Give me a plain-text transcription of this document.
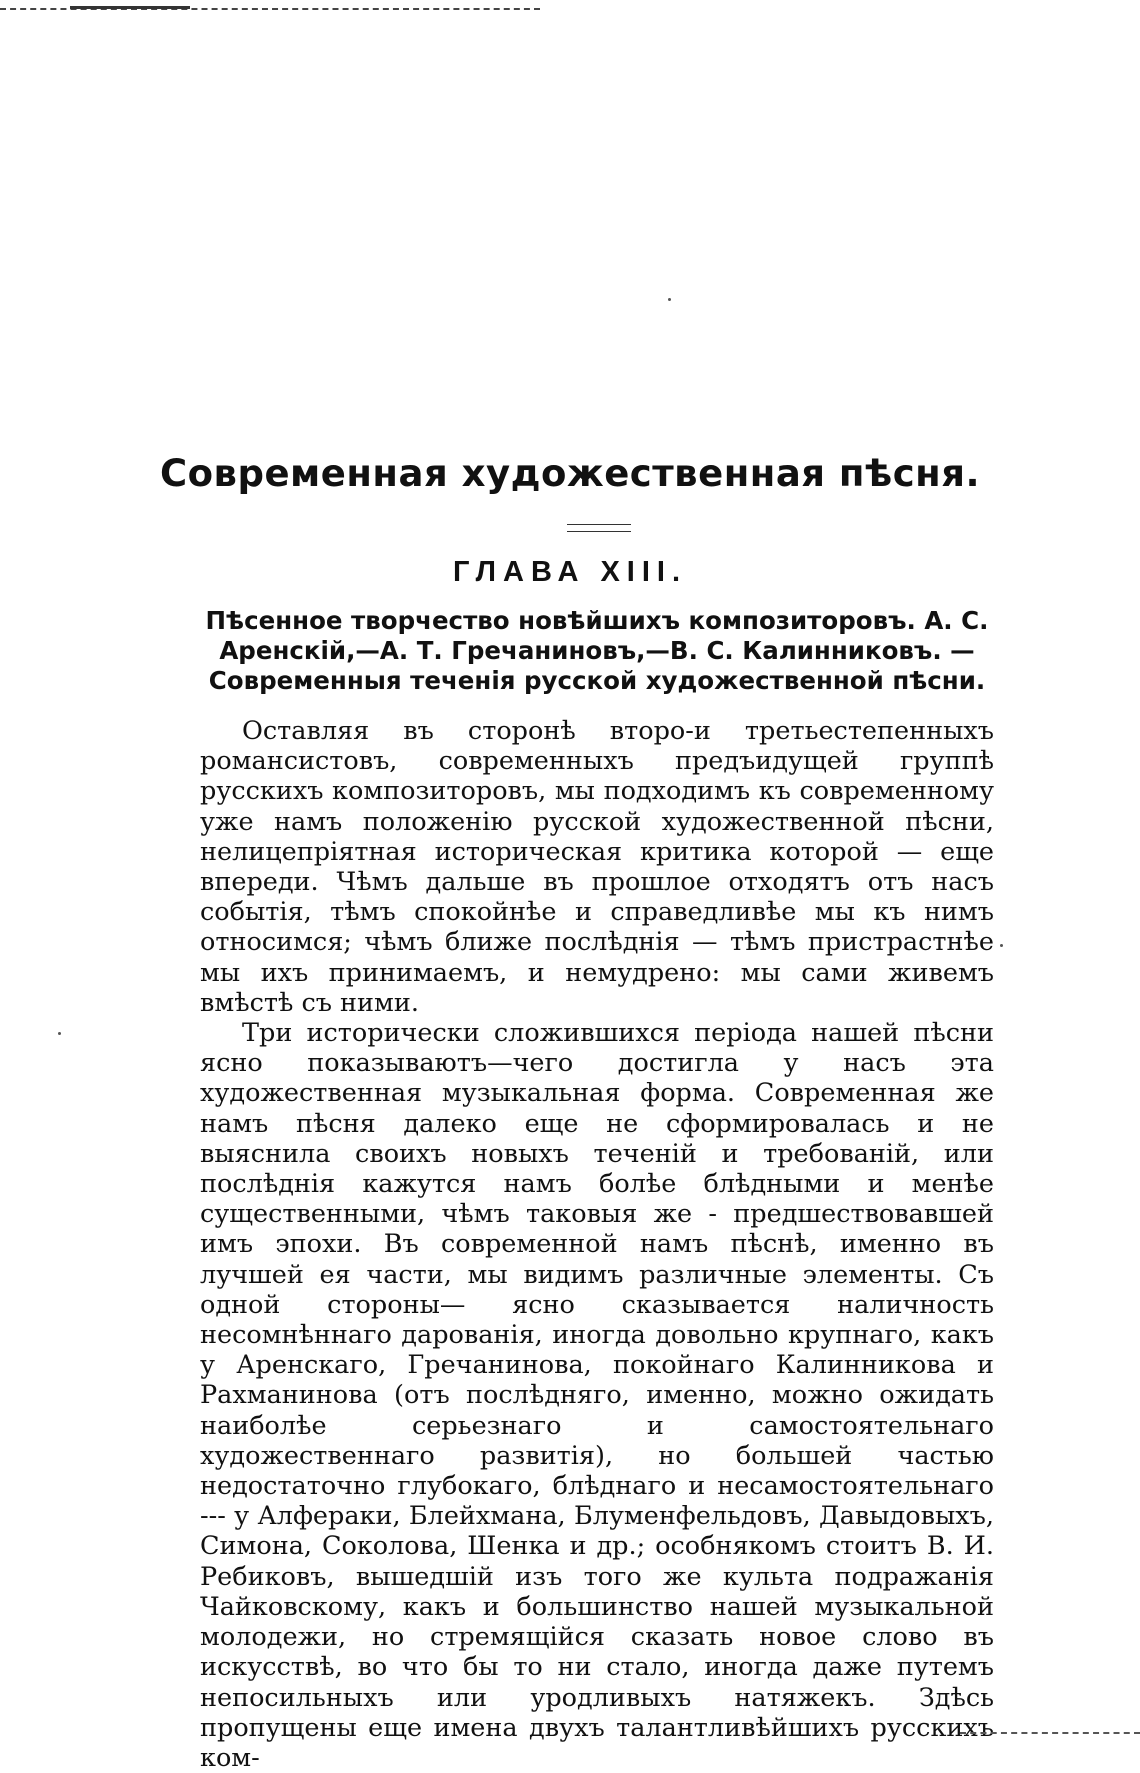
Современная художественная пѣсня.
ГЛАВА XIII.

Пѣсенное творчество новѣйшихъ композиторовъ. А. С. Аренскій,—А. Т. Гречаниновъ,—В. С. Калинниковъ. — Современныя теченія русской художественной пѣсни.

Оставляя въ сторонѣ второ-и третьестепенныхъ романсистовъ, современныхъ предъидущей группѣ русскихъ композиторовъ, мы подходимъ къ современному уже намъ положенію русской художественной пѣсни, нелицепріятная историческая критика которой — еще впереди. Чѣмъ дальше въ прошлое отходятъ отъ насъ событія, тѣмъ спокойнѣе и справедливѣе мы къ нимъ относимся; чѣмъ ближе послѣднія — тѣмъ пристрастнѣе мы ихъ принимаемъ, и немудрено: мы сами живемъ вмѣстѣ съ ними.

Три исторически сложившихся періода нашей пѣсни ясно показываютъ—чего достигла у насъ эта художественная музыкальная форма. Современная же намъ пѣсня далеко еще не сформировалась и не выяснила своихъ новыхъ теченій и требованій, или послѣднія кажутся намъ болѣе блѣдными и менѣе существенными, чѣмъ таковыя же - предшествовавшей имъ эпохи. Въ современной намъ пѣснѣ, именно въ лучшей ея части, мы видимъ различные элементы. Съ одной стороны— ясно сказывается наличность несомнѣннаго дарованія, иногда довольно крупнаго, какъ у Аренскаго, Гречанинова, покойнаго Калинникова и Рахманинова (отъ послѣдняго, именно, можно ожидать наиболѣе серьезнаго и самостоятельнаго художественнаго развитія), но большей частью недостаточно глубокаго, блѣднаго и несамостоятельнаго --- у Алфераки, Блейхмана, Блуменфельдовъ, Давыдовыхъ, Симона, Соколова, Шенка и др.; особнякомъ стоитъ В. И. Ребиковъ, вышедшій изъ того же культа подражанія Чайковскому, какъ и большинство нашей музыкальной молодежи, но стремящійся сказать новое слово въ искусствѣ, во что бы то ни стало, иногда даже путемъ непосильныхъ или уродливыхъ натяжекъ. Здѣсь пропущены еще имена двухъ талантливѣйшихъ русскихъ ком-
